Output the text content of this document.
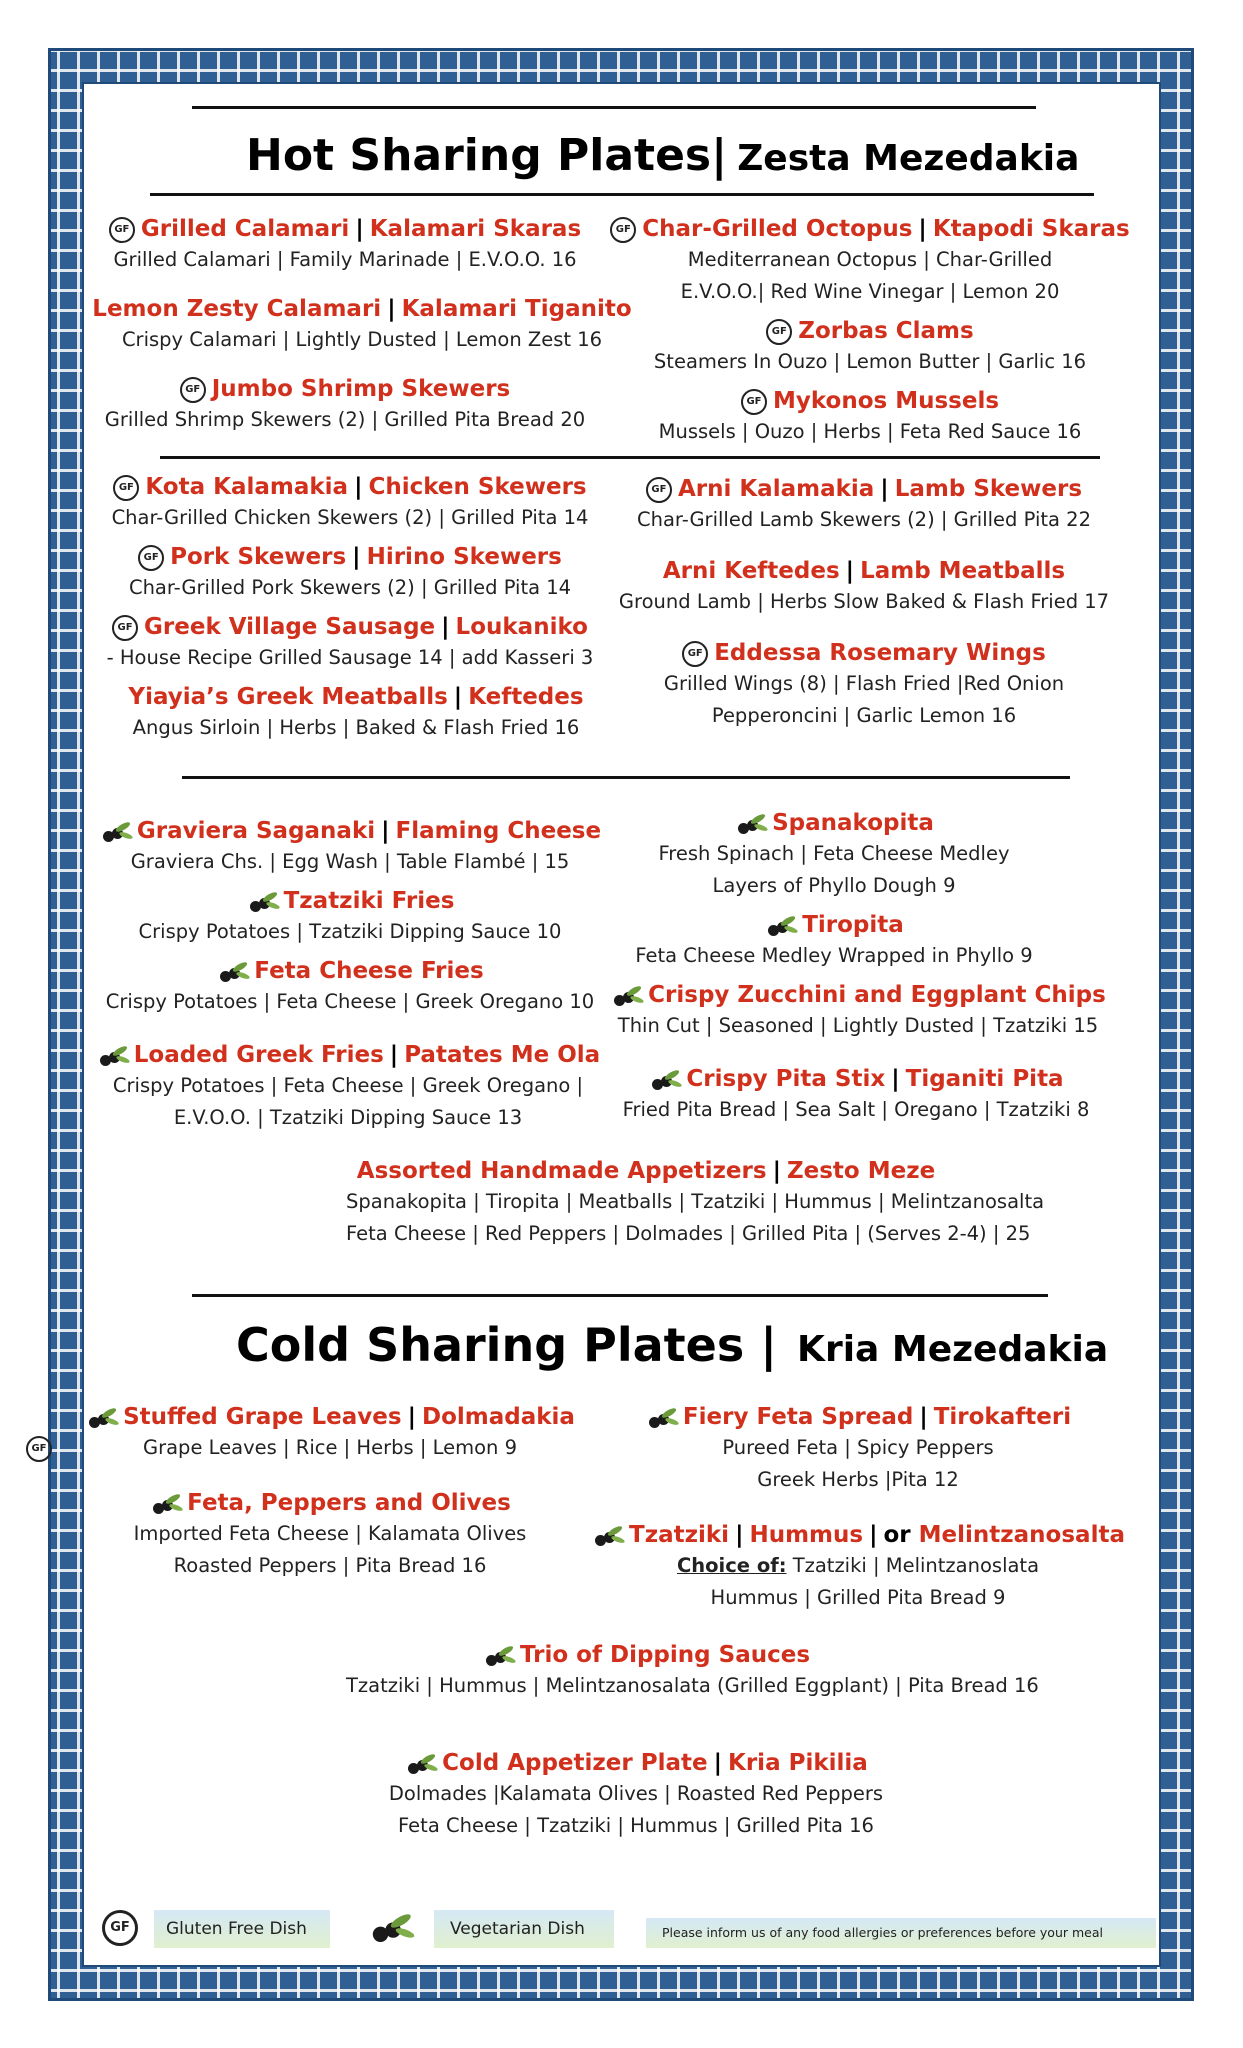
Hot Sharing Plates| Zesta Mezedakia
GF Grilled Calamari | Kalamari Skaras
Grilled Calamari | Family Marinade | E.V.O.O. 16
Lemon Zesty Calamari | Kalamari Tiganito
Crispy Calamari | Lightly Dusted | Lemon Zest 16
GF Jumbo Shrimp Skewers
Grilled Shrimp Skewers (2) | Grilled Pita Bread 20
GF Char-Grilled Octopus | Ktapodi Skaras
Mediterranean Octopus | Char-Grilled
E.V.O.O.| Red Wine Vinegar | Lemon 20
GF Zorbas Clams
Steamers In Ouzo | Lemon Butter | Garlic 16
GF Mykonos Mussels
Mussels | Ouzo | Herbs | Feta Red Sauce 16
GF Kota Kalamakia | Chicken Skewers
Char-Grilled Chicken Skewers (2) | Grilled Pita 14
GF Pork Skewers | Hirino Skewers
Char-Grilled Pork Skewers (2) | Grilled Pita 14
GF Greek Village Sausage | Loukaniko
- House Recipe Grilled Sausage 14 | add Kasseri 3
Yiayia’s Greek Meatballs | Keftedes
Angus Sirloin | Herbs | Baked & Flash Fried 16
GF Arni Kalamakia | Lamb Skewers
Char-Grilled Lamb Skewers (2) | Grilled Pita 22
Arni Keftedes | Lamb Meatballs
Ground Lamb | Herbs Slow Baked & Flash Fried 17
GF Eddessa Rosemary Wings
Grilled Wings (8) | Flash Fried |Red Onion
Pepperoncini | Garlic Lemon 16
Graviera Saganaki | Flaming Cheese
Graviera Chs. | Egg Wash | Table Flambé | 15
Tzatziki Fries
Crispy Potatoes | Tzatziki Dipping Sauce 10
Feta Cheese Fries
Crispy Potatoes | Feta Cheese | Greek Oregano 10
Loaded Greek Fries | Patates Me Ola
Crispy Potatoes | Feta Cheese | Greek Oregano |
E.V.O.O. | Tzatziki Dipping Sauce 13
Spanakopita
Fresh Spinach | Feta Cheese Medley
Layers of Phyllo Dough 9
Tiropita
Feta Cheese Medley Wrapped in Phyllo 9
Crispy Zucchini and Eggplant Chips
Thin Cut | Seasoned | Lightly Dusted | Tzatziki 15
Crispy Pita Stix | Tiganiti Pita
Fried Pita Bread | Sea Salt | Oregano | Tzatziki 8
Assorted Handmade Appetizers | Zesto Meze
Spanakopita | Tiropita | Meatballs | Tzatziki | Hummus | Melintzanosalta
Feta Cheese | Red Peppers | Dolmades | Grilled Pita | (Serves 2-4) | 25
Stuffed Grape Leaves | Dolmadakia
Grape Leaves | Rice | Herbs | Lemon 9
GF
Feta, Peppers and Olives
Imported Feta Cheese | Kalamata Olives
Roasted Peppers | Pita Bread 16
Fiery Feta Spread | Tirokafteri
Pureed Feta | Spicy Peppers
Greek Herbs |Pita 12
Tzatziki | Hummus | or Melintzanosalta
Choice of: Tzatziki | Melintzanoslata
Hummus | Grilled Pita Bread 9
Trio of Dipping Sauces
Tzatziki | Hummus | Melintzanosalata (Grilled Eggplant) | Pita Bread 16
Cold Appetizer Plate | Kria Pikilia
Dolmades |Kalamata Olives | Roasted Red Peppers
Feta Cheese | Tzatziki | Hummus | Grilled Pita 16
Cold Sharing Plates | Kria Mezedakia
GF	Gluten Free Dish	Vegetarian Dish	Please inform us of any food allergies or preferences before your meal
